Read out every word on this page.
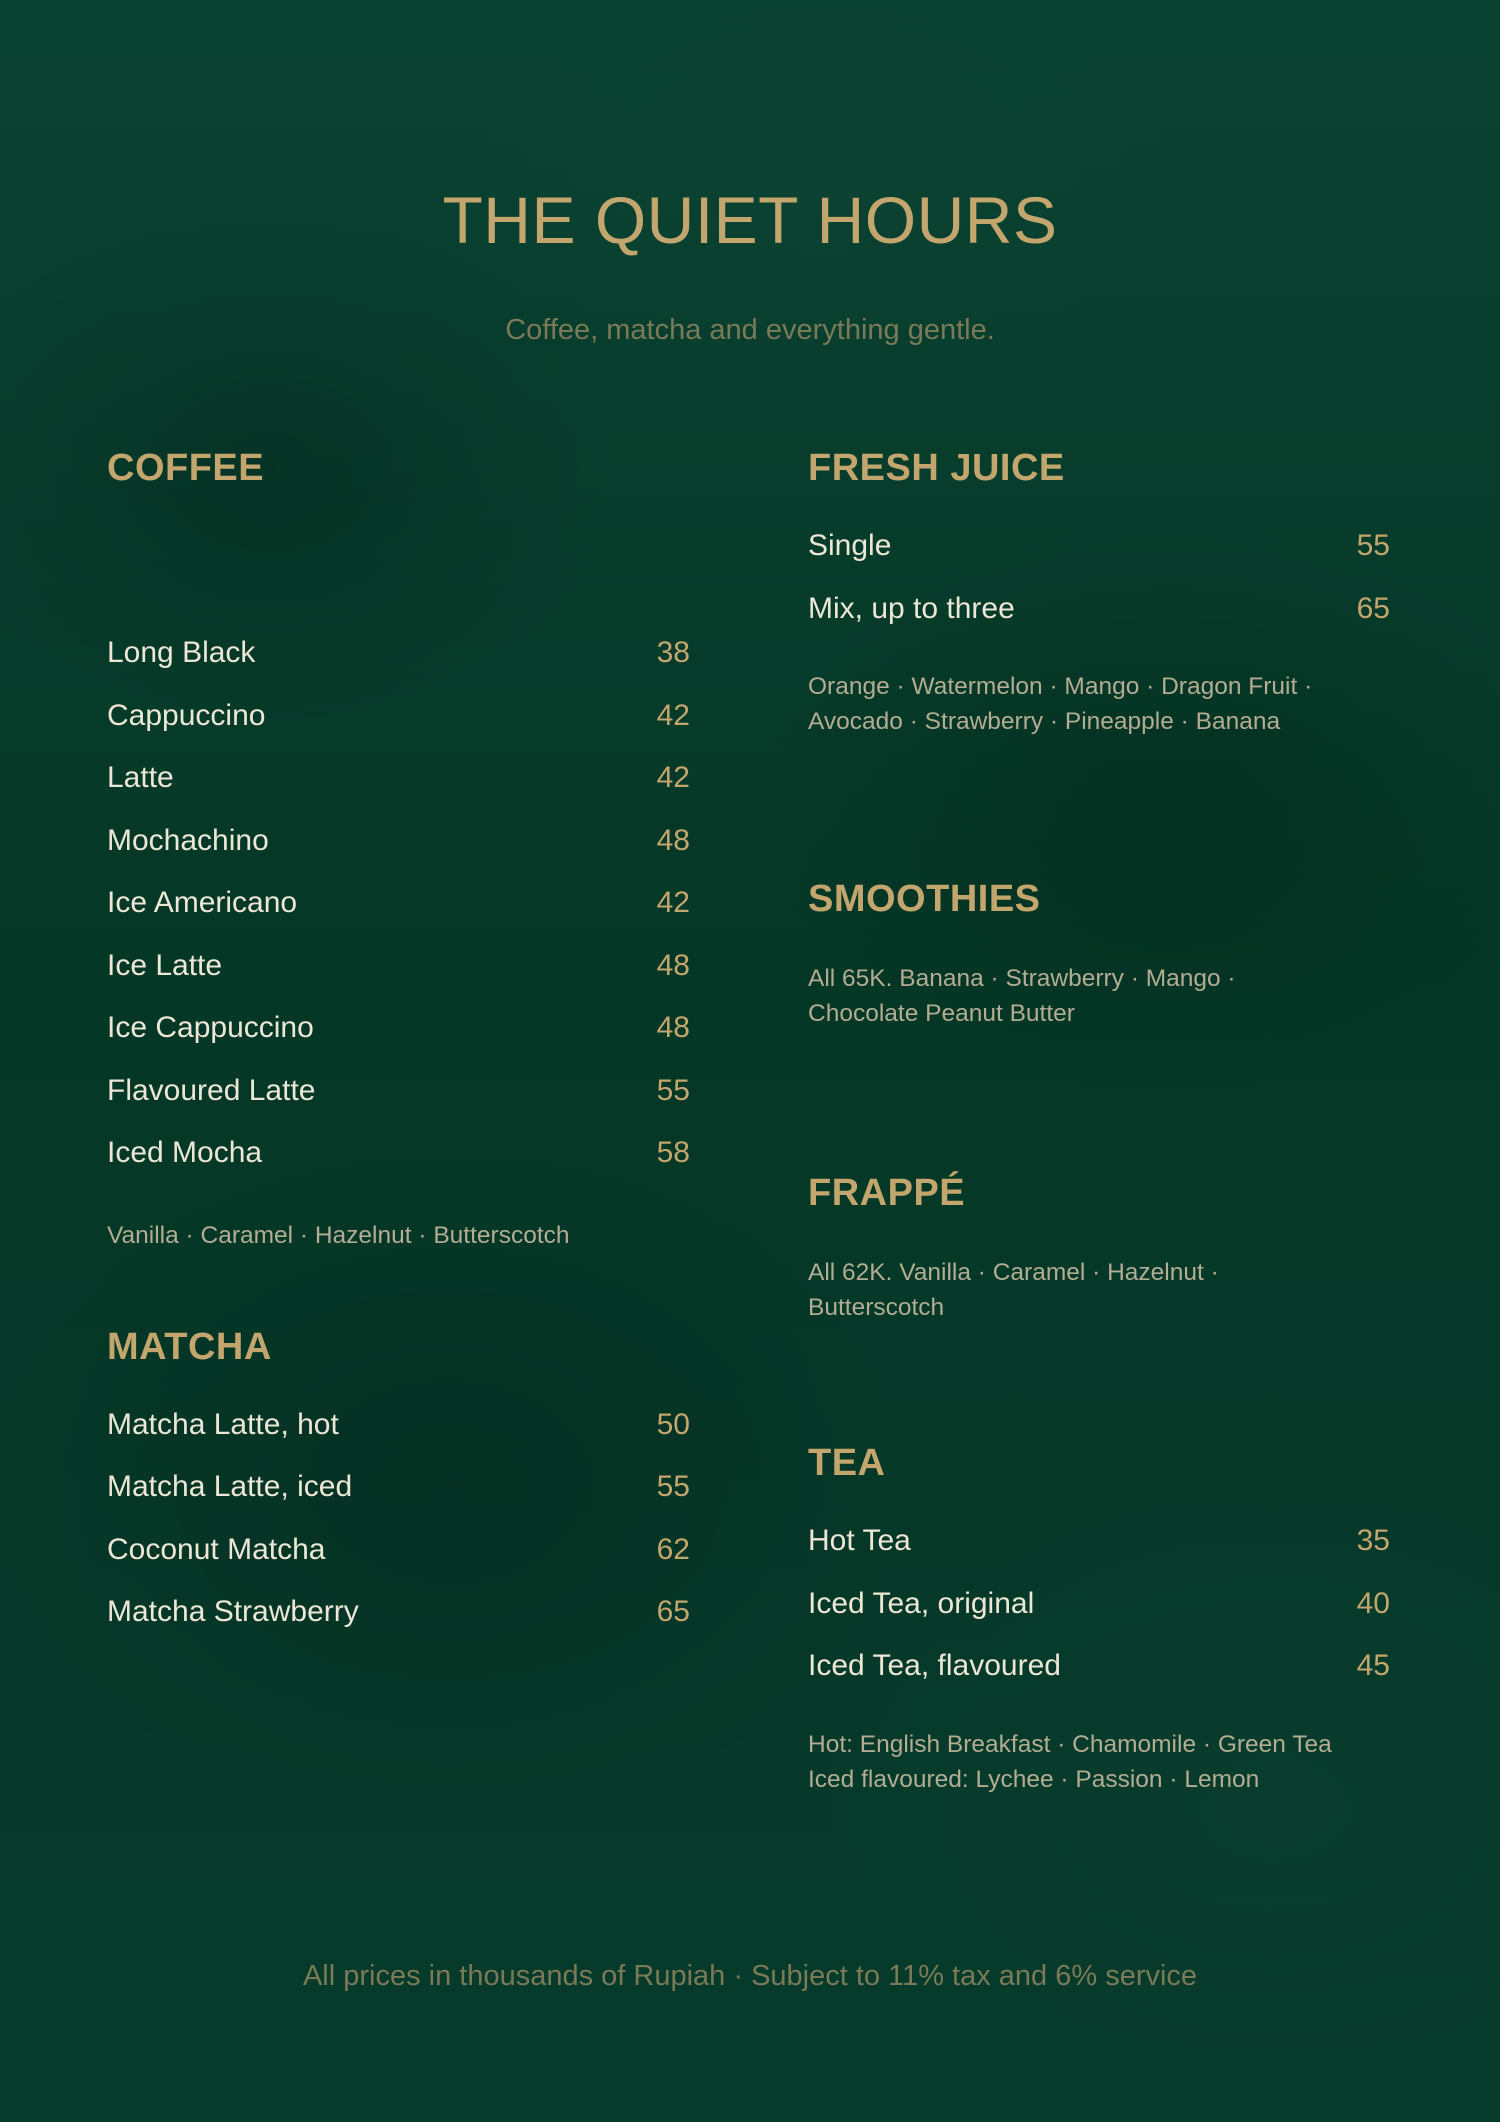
THE QUIET HOURS
Coffee, matcha and everything gentle.
COFFEE
Long Black	38
Cappuccino	42
Latte	42
Mochachino	48
Ice Americano	42
Ice Latte	48
Ice Cappuccino	48
Flavoured Latte	55
Iced Mocha	58

Vanilla · Caramel · Hazelnut · Butterscotch

MATCHA
Matcha Latte, hot	50
Matcha Latte, iced	55
Coconut Matcha	62
Matcha Strawberry	65
FRESH JUICE
Single	55
Mix, up to three	65

Orange · Watermelon · Mango · Dragon Fruit ·

Avocado · Strawberry · Pineapple · Banana

SMOOTHIES

All 65K. Banana · Strawberry · Mango ·

Chocolate Peanut Butter

FRAPPÉ

All 62K. Vanilla · Caramel · Hazelnut ·

Butterscotch

TEA
Hot Tea	35
Iced Tea, original	40
Iced Tea, flavoured	45

Hot: English Breakfast · Chamomile · Green Tea

Iced flavoured: Lychee · Passion · Lemon

All prices in thousands of Rupiah · Subject to 11% tax and 6% service
